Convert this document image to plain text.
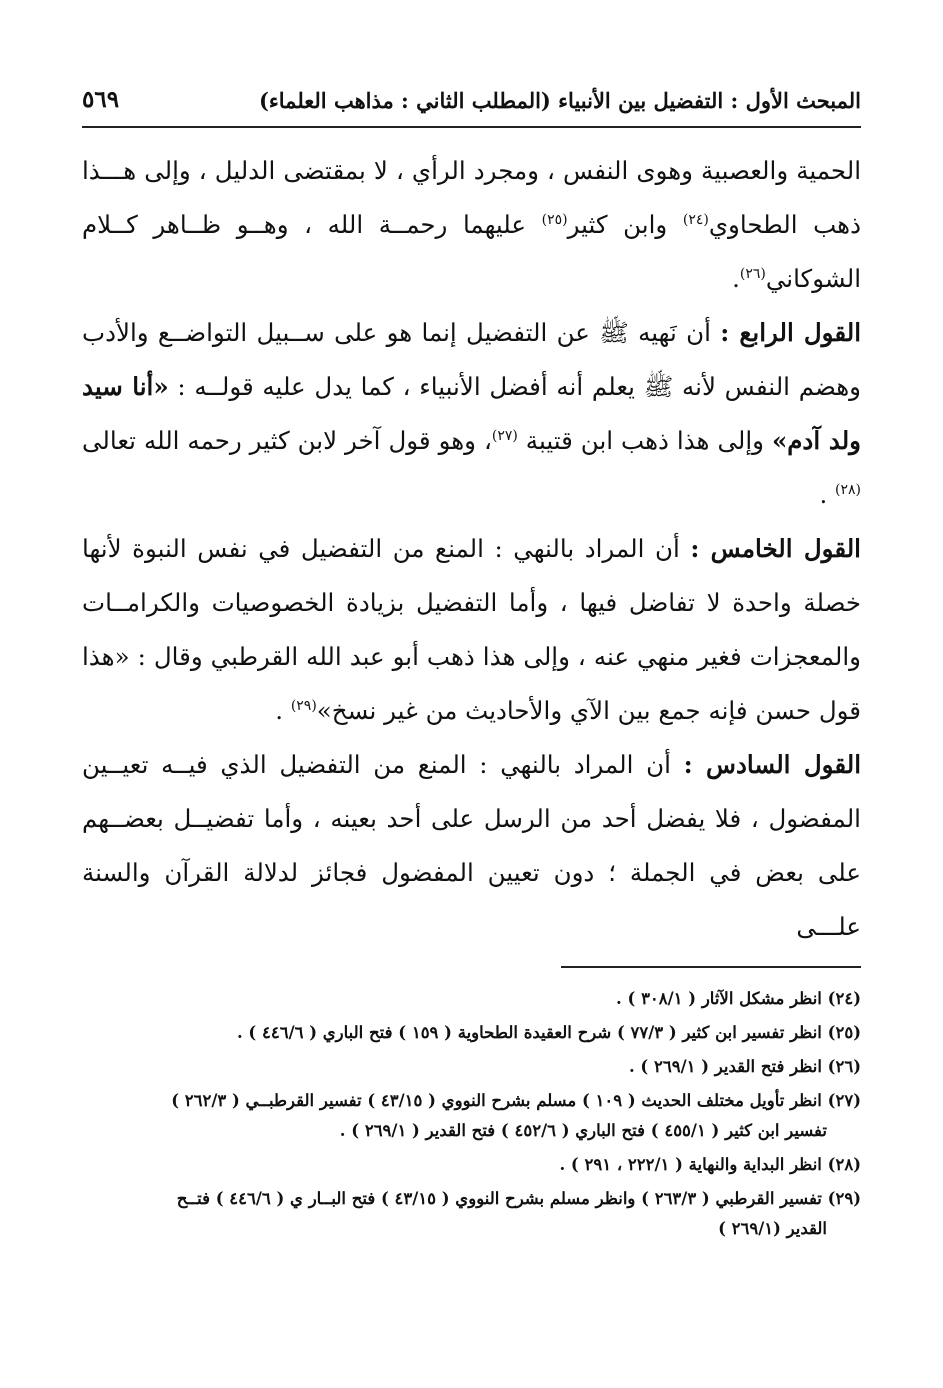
المبحث الأول : التفضيل بين الأنبياء (المطلب الثاني : مذاهب العلماء)
٥٦٩

الحمية والعصبية وهوى النفس ، ومجرد الرأي ، لا بمقتضى الدليل ، وإلى هـــذا ذهب الطحاوي$^{(٢٤)}$ وابن كثير$^{(٢٥)}$ عليهما رحمــة الله ، وهــو ظــاهر كــلام الشوكاني$^{(٢٦)}$.

القول الرابع : أن نَهيه ﷺ عن التفضيل إنما هو على ســبيل التواضــع والأدب وهضم النفس لأنه ﷺ يعلم أنه أفضل الأنبياء ، كما يدل عليه قولــه : «أنا سيد ولد آدم» وإلى هذا ذهب ابن قتيبة $^{(٢٧)}$، وهو قول آخر لابن كثير رحمه الله تعالى $^{(٢٨)}$ .

القول الخامس : أن المراد بالنهي : المنع من التفضيل في نفس النبوة لأنها خصلة واحدة لا تفاضل فيها ، وأما التفضيل بزيادة الخصوصيات والكرامــات والمعجزات فغير منهي عنه ، وإلى هذا ذهب أبو عبد الله القرطبي وقال : «هذا قول حسن فإنه جمع بين الآي والأحاديث من غير نسخ»$^{(٢٩)}$ .

القول السادس : أن المراد بالنهي : المنع من التفضيل الذي فيــه تعيــين المفضول ، فلا يفضل أحد من الرسل على أحد بعينه ، وأما تفضيــل بعضــهم على بعض في الجملة ؛ دون تعيين المفضول فجائز لدلالة القرآن والسنة علـــى

(٢٤) انظر مشكل الآثار ( ٣٠٨/١ ) .

(٢٥) انظر تفسير ابن كثير ( ٧٧/٣ ) شرح العقيدة الطحاوية ( ١٥٩ ) فتح الباري ( ٤٤٦/٦ ) .

(٢٦) انظر فتح القدير ( ٢٦٩/١ ) .

(٢٧) انظر تأويل مختلف الحديث ( ١٠٩ ) مسلم بشرح النووي ( ٤٣/١٥ ) تفسير القرطبــي ( ٢٦٢/٣ )
تفسير ابن كثير ( ٤٥٥/١ ) فتح الباري ( ٤٥٢/٦ ) فتح القدير ( ٢٦٩/١ ) .

(٢٨) انظر البداية والنهاية ( ٢٢٢/١ ، ٢٩١ ) .

(٢٩) تفسير القرطبي ( ٢٦٣/٣ ) وانظر مسلم بشرح النووي ( ٤٣/١٥ ) فتح البــار ي ( ٤٤٦/٦ ) فتــح
القدير (٢٦٩/١ )
